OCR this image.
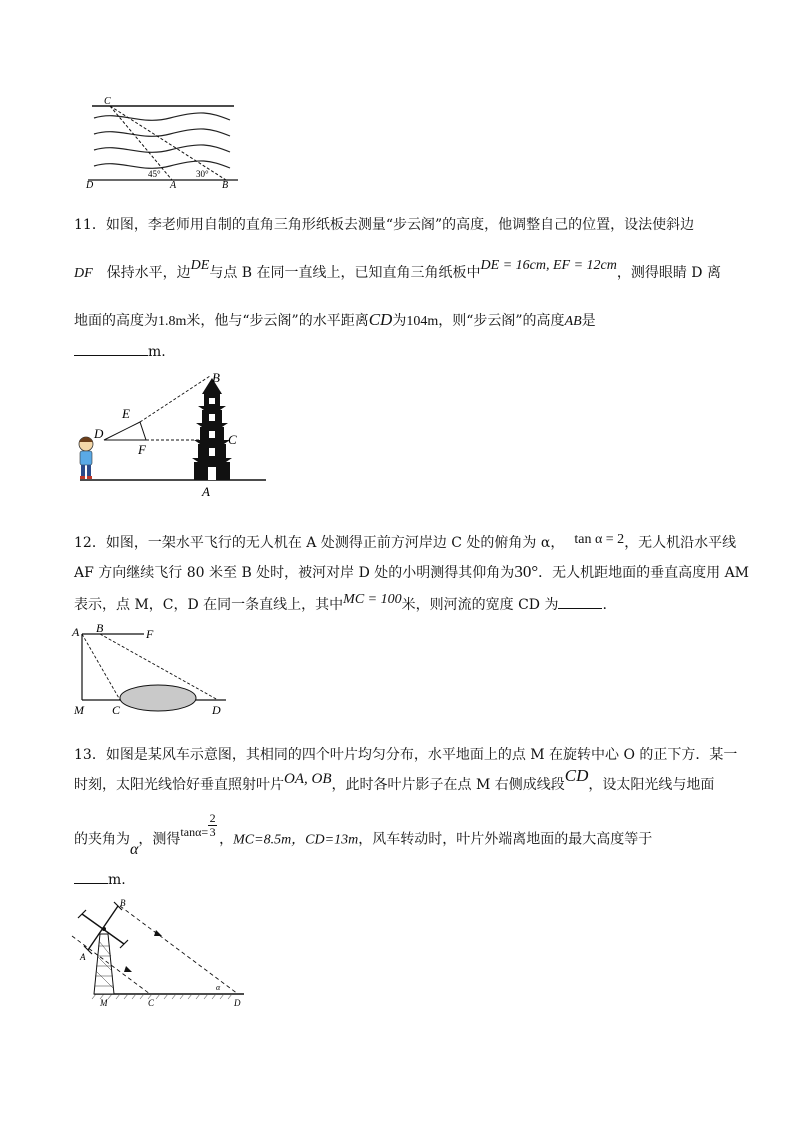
C
D	A	B
45°	30°
11．如图，李老师用自制的直角三角形纸板去测量“步云阁”的高度，他调整自己的位置，设法使斜边
DF 保持水平，边DE与点 B 在同一直线上，已知直角三角纸板中DE = 16cm, EF = 12cm，测得眼睛 D 离
地面的高度为1.8m米，他与“步云阁”的水平距离CD为104m，则“步云阁”的高度AB是
m.
B
E
D
F
C
A
12．如图，一架水平飞行的无人机在 A 处测得正前方河岸边 C 处的俯角为 α， tan α = 2，无人机沿水平线
AF 方向继续飞行 80 米至 B 处时，被河对岸 D 处的小明测得其仰角为30°．无人机距地面的垂直高度用 AM
表示，点 M，C，D 在同一条直线上，其中MC = 100米，则河流的宽度 CD 为	.
A B	F
M C	D
13．如图是某风车示意图，其相同的四个叶片均匀分布，水平地面上的点 M 在旋转中心 O 的正下方．某一
时刻，太阳光线恰好垂直照射叶片OA, OB，此时各叶片影子在点 M 右侧成线段CD，设太阳光线与地面
的夹角为α，测得$\tan\alpha= \frac{2}{3}$
，MC=8.5m，CD=13m，风车转动时，叶片外端离地面的最大高度等于
m.
B
A
M	C	D
α
